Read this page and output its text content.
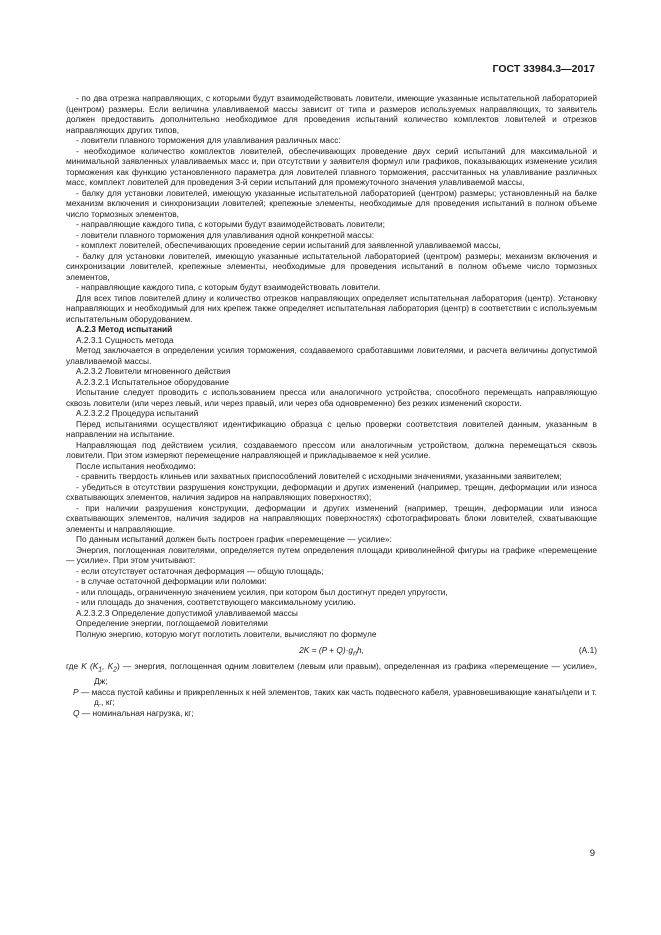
ГОСТ 33984.3—2017

- по два отрезка направляющих, с которыми будут взаимодействовать ловители, имеющие указанные испытательной лабораторией (центром) размеры. Если величина улавливаемой массы зависит от типа и размеров используемых направляющих, то заявитель должен предоставить дополнительно необходимое для проведения испытаний количество комплектов ловителей и отрезков направляющих других типов,

- ловители плавного торможения для улавливания различных масс:

- необходимое количество комплектов ловителей, обеспечивающих проведение двух серий испытаний для максимальной и минимальной заявленных улавливаемых масс и, при отсутствии у заявителя формул или графиков, показывающих изменение усилия торможения как функцию установленного параметра для ловителей плавного торможения, рассчитанных на улавливание различных масс, комплект ловителей для проведения 3-й серии испытаний для промежуточного значения улавливаемой массы,

- балку для установки ловителей, имеющую указанные испытательной лабораторией (центром) размеры; установленный на балке механизм включения и синхронизации ловителей; крепежные элементы, необходимые для проведения испытаний в полном объеме число тормозных элементов,

- направляющие каждого типа, с которыми будут взаимодействовать ловители;

- ловители плавного торможения для улавливания одной конкретной массы:

- комплект ловителей, обеспечивающих проведение серии испытаний для заявленной улавливаемой массы,

- балку для установки ловителей, имеющую указанные испытательной лабораторией (центром) размеры; механизм включения и синхронизации ловителей, крепежные элементы, необходимые для проведения испытаний в полном объеме число тормозных элементов,

- направляющие каждого типа, с которым будут взаимодействовать ловители.

Для всех типов ловителей длину и количество отрезков направляющих определяет испытательная лаборатория (центр). Установку направляющих и необходимый для них крепеж также определяет испытательная лаборатория (центр) в соответствии с используемым испытательным оборудованием.

А.2.3 Метод испытаний

А.2.3.1 Сущность метода

Метод заключается в определении усилия торможения, создаваемого сработавшими ловителями, и расчета величины допустимой улавливаемой массы.

А.2.3.2 Ловители мгновенного действия

А.2.3.2.1 Испытательное оборудование

Испытание следует проводить с использованием пресса или аналогичного устройства, способного перемещать направляющую сквозь ловители (или через левый, или через правый, или через оба одновременно) без резких изменений скорости.

А.2.3.2.2 Процедура испытаний

Перед испытаниями осуществляют идентификацию образца с целью проверки соответствия ловителей данным, указанным в направлении на испытание.

Направляющая под действием усилия, создаваемого прессом или аналогичным устройством, должна перемещаться сквозь ловители. При этом измеряют перемещение направляющей и прикладываемое к ней усилие.

После испытания необходимо:

- сравнить твердость клиньев или захватных приспособлений ловителей с исходными значениями, указанными заявителем;

- убедиться в отсутствии разрушения конструкции, деформации и других изменений (например, трещин, деформации или износа схватывающих элементов, наличия задиров на направляющих поверхностях);

- при наличии разрушения конструкции, деформации и других изменений (например, трещин, деформации или износа схватывающих элементов, наличия задиров на направляющих поверхностях) сфотографировать блоки ловителей, схватывающие элементы и направляющие.

По данным испытаний должен быть построен график «перемещение — усилие»:

Энергия, поглощенная ловителями, определяется путем определения площади криволинейной фигуры на графике «перемещение — усилие». При этом учитывают:

- если отсутствует остаточная деформация — общую площадь;

- в случае остаточной деформации или поломки:

- или площадь, ограниченную значением усилия, при котором был достигнут предел упругости,

- или площадь до значения, соответствующего максимальному усилию.

А.2.3.2.3 Определение допустимой улавливаемой массы

Определение энергии, поглощаемой ловителями

Полную энергию, которую могут поглотить ловители, вычисляют по формуле

$2K = (P + Q)\cdot g_nh$,	(А.1)

где K ($K_1$, $K_2$) — энергия, поглощенная одним ловителем (левым или правым), определенная из графика «перемещение — усилие», Дж;

P — масса пустой кабины и прикрепленных к ней элементов, таких как часть подвесного кабеля, уравновешивающие канаты/цепи и т. д., кг;

Q — номинальная нагрузка, кг;

9
